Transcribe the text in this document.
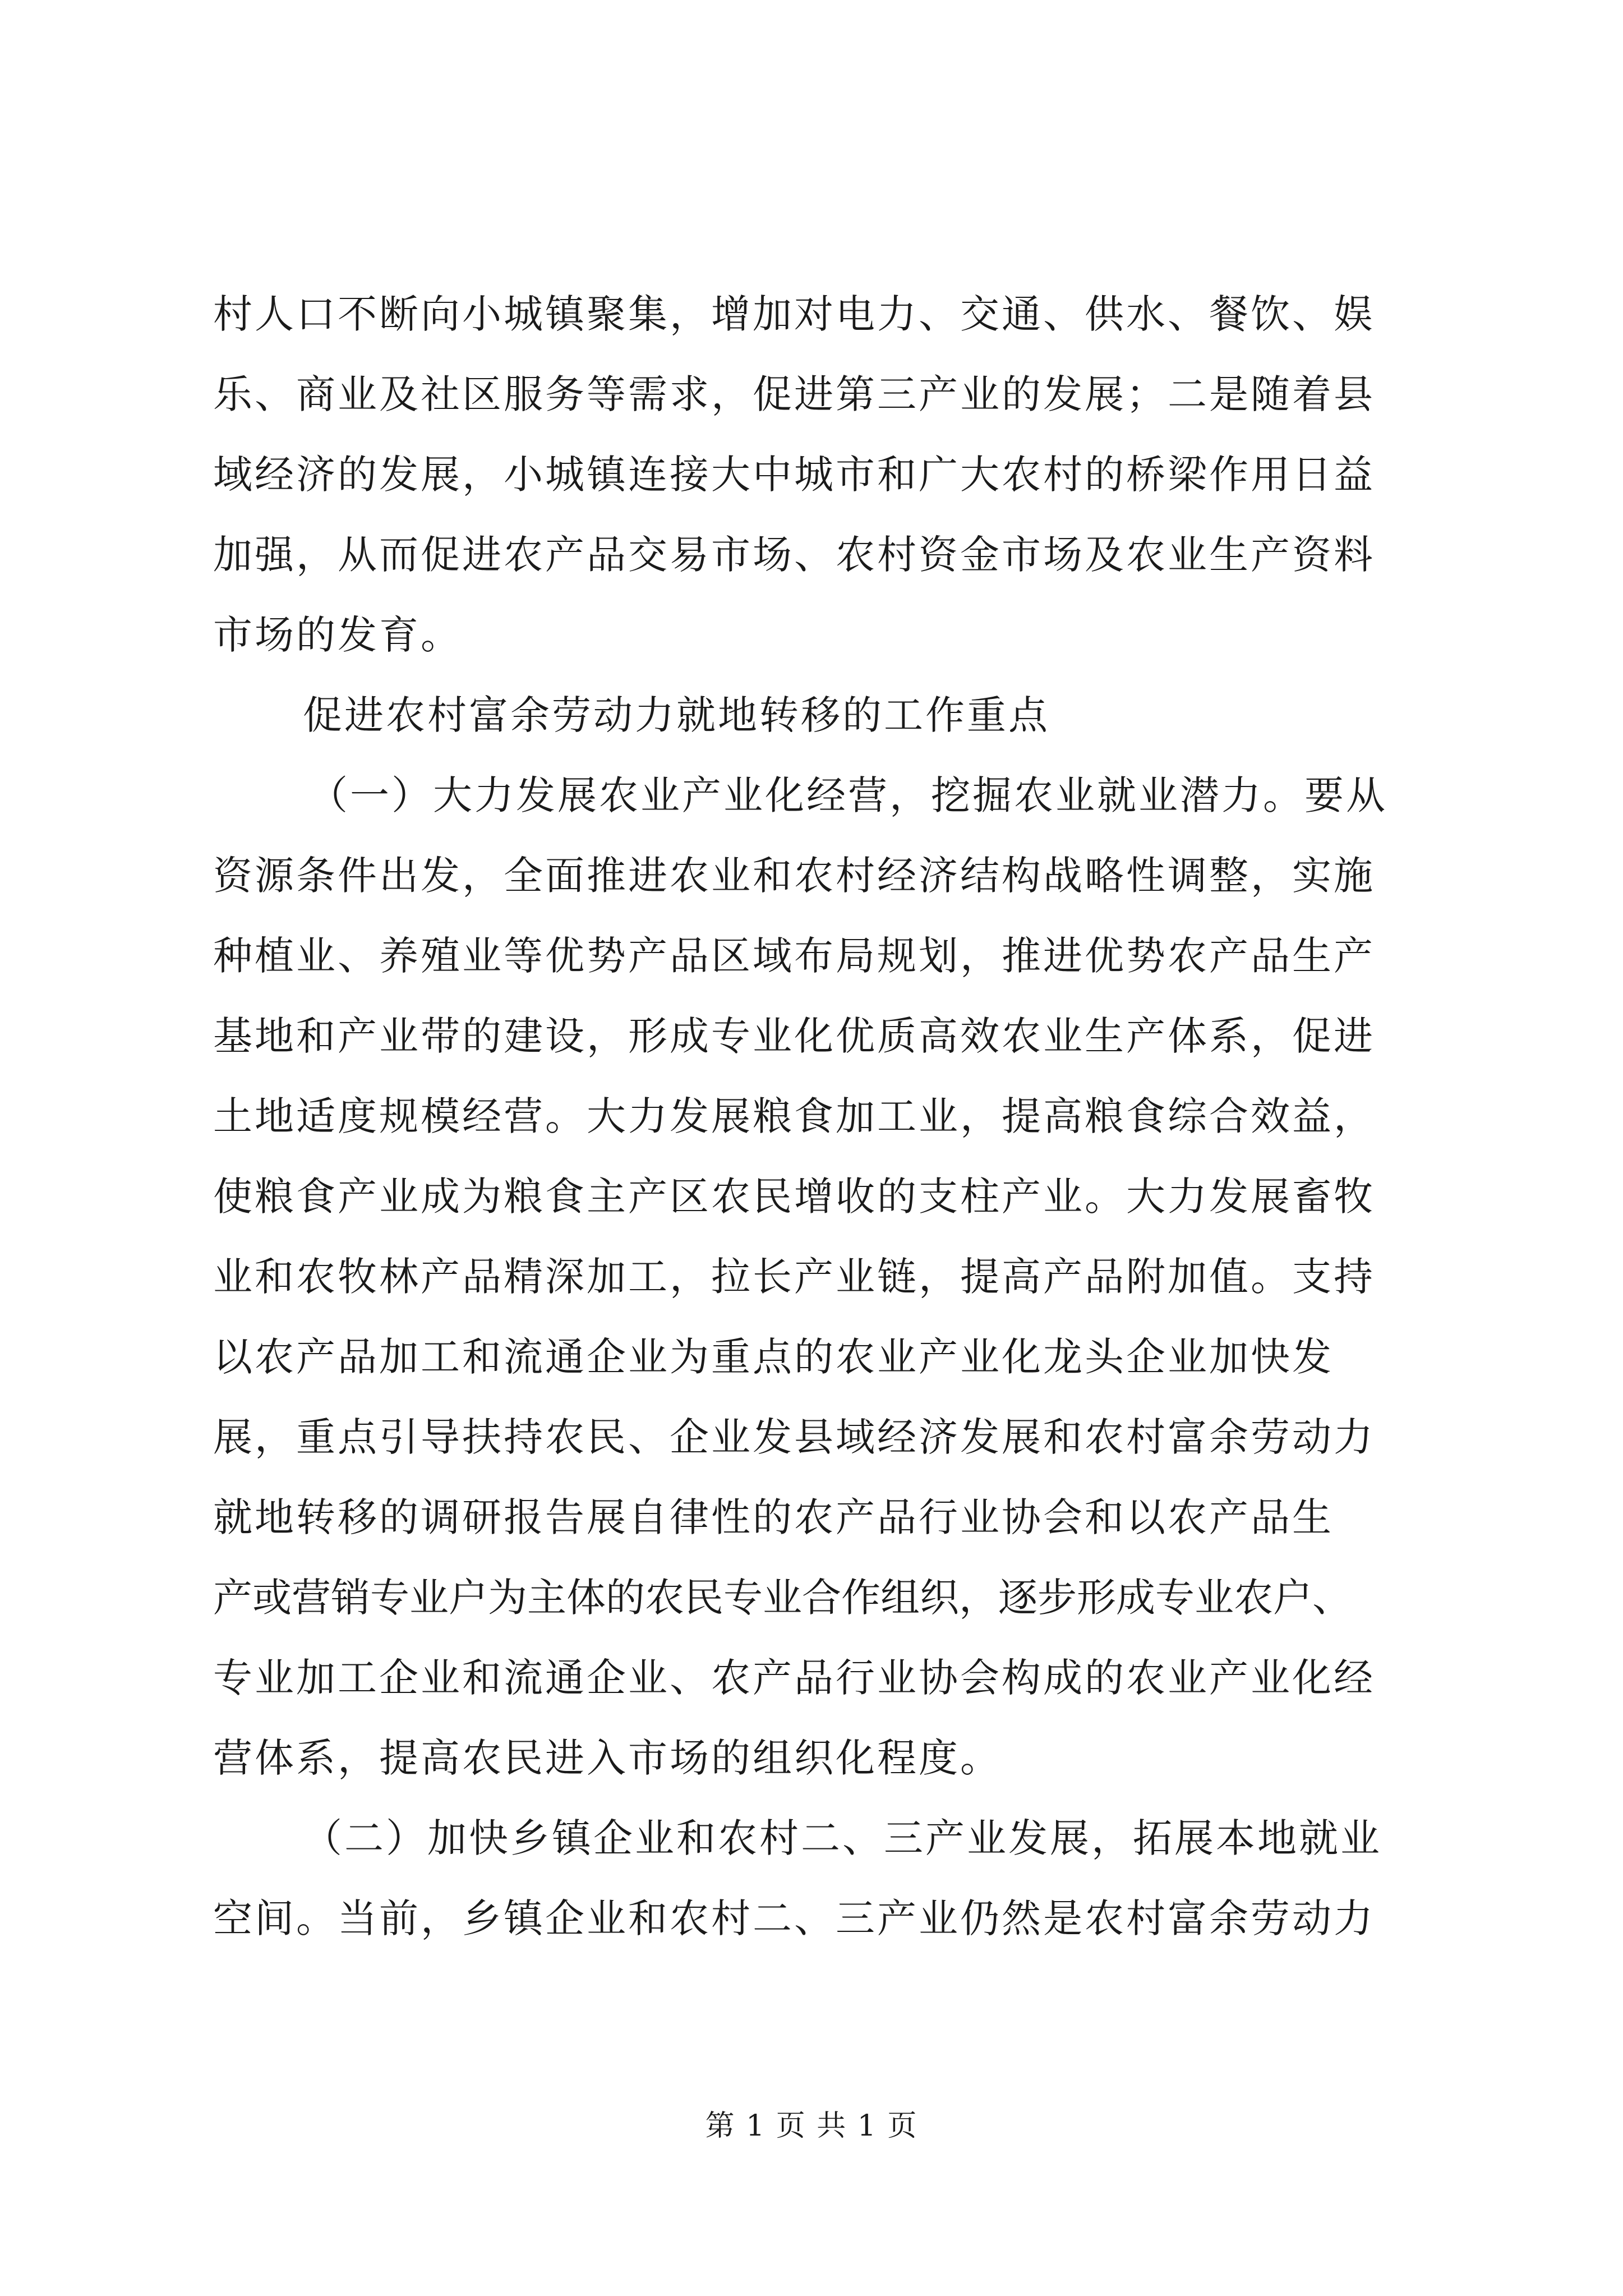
村人口不断向小城镇聚集，增加对电力、交通、供水、餐饮、娱
乐、商业及社区服务等需求，促进第三产业的发展；二是随着县
域经济的发展，小城镇连接大中城市和广大农村的桥梁作用日益
加强，从而促进农产品交易市场、农村资金市场及农业生产资料
市场的发育。
促进农村富余劳动力就地转移的工作重点
（一）大力发展农业产业化经营，挖掘农业就业潜力。要从
资源条件出发，全面推进农业和农村经济结构战略性调整，实施
种植业、养殖业等优势产品区域布局规划，推进优势农产品生产
基地和产业带的建设，形成专业化优质高效农业生产体系，促进
土地适度规模经营。大力发展粮食加工业，提高粮食综合效益，
使粮食产业成为粮食主产区农民增收的支柱产业。大力发展畜牧
业和农牧林产品精深加工，拉长产业链，提高产品附加值。支持
以农产品加工和流通企业为重点的农业产业化龙头企业加快发
展，重点引导扶持农民、企业发县域经济发展和农村富余劳动力
就地转移的调研报告展自律性的农产品行业协会和以农产品生
产或营销专业户为主体的农民专业合作组织，逐步形成专业农户、
专业加工企业和流通企业、农产品行业协会构成的农业产业化经
营体系，提高农民进入市场的组织化程度。
（二）加快乡镇企业和农村二、三产业发展，拓展本地就业
空间。当前，乡镇企业和农村二、三产业仍然是农村富余劳动力
第 1 页 共 1 页
